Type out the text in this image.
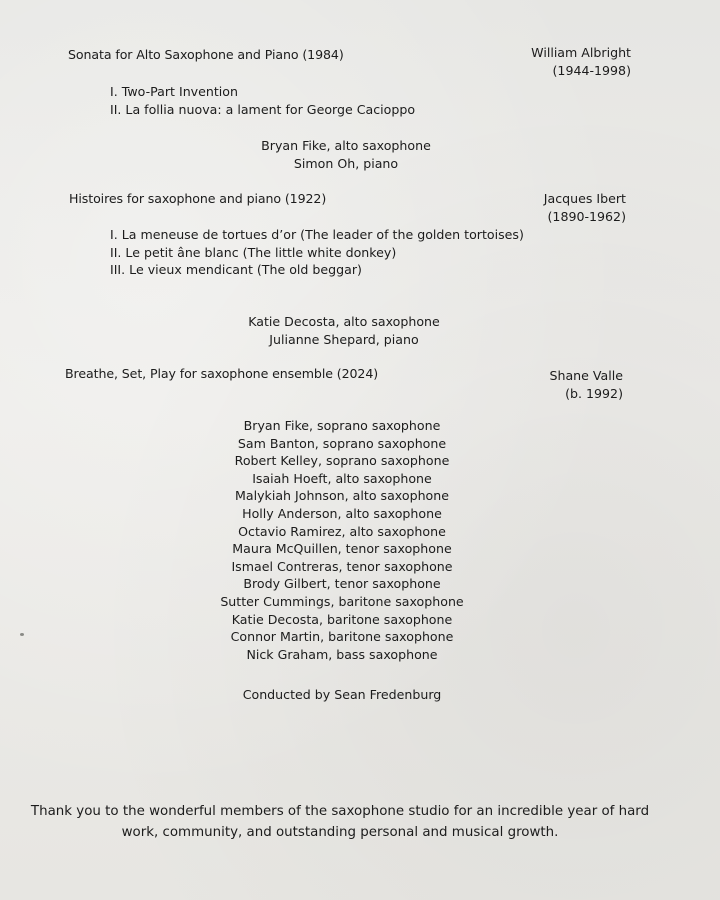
Sonata for Alto Saxophone and Piano (1984)	William Albright
(1944-1998)
I. Two-Part Invention
II. La follia nuova: a lament for George Cacioppo
Bryan Fike, alto saxophone
Simon Oh, piano
Histoires for saxophone and piano (1922)	Jacques Ibert
(1890-1962)
I. La meneuse de tortues d’or (The leader of the golden tortoises)
II. Le petit âne blanc (The little white donkey)
III. Le vieux mendicant (The old beggar)
Katie Decosta, alto saxophone
Julianne Shepard, piano
Breathe, Set, Play for saxophone ensemble (2024)	Shane Valle
(b. 1992)
Bryan Fike, soprano saxophone
Sam Banton, soprano saxophone
Robert Kelley, soprano saxophone
Isaiah Hoeft, alto saxophone
Malykiah Johnson, alto saxophone
Holly Anderson, alto saxophone
Octavio Ramirez, alto saxophone
Maura McQuillen, tenor saxophone
Ismael Contreras, tenor saxophone
Brody Gilbert, tenor saxophone
Sutter Cummings, baritone saxophone
Katie Decosta, baritone saxophone
Connor Martin, baritone saxophone
Nick Graham, bass saxophone
Conducted by Sean Fredenburg
Thank you to the wonderful members of the saxophone studio for an incredible year of hard
work, community, and outstanding personal and musical growth.
